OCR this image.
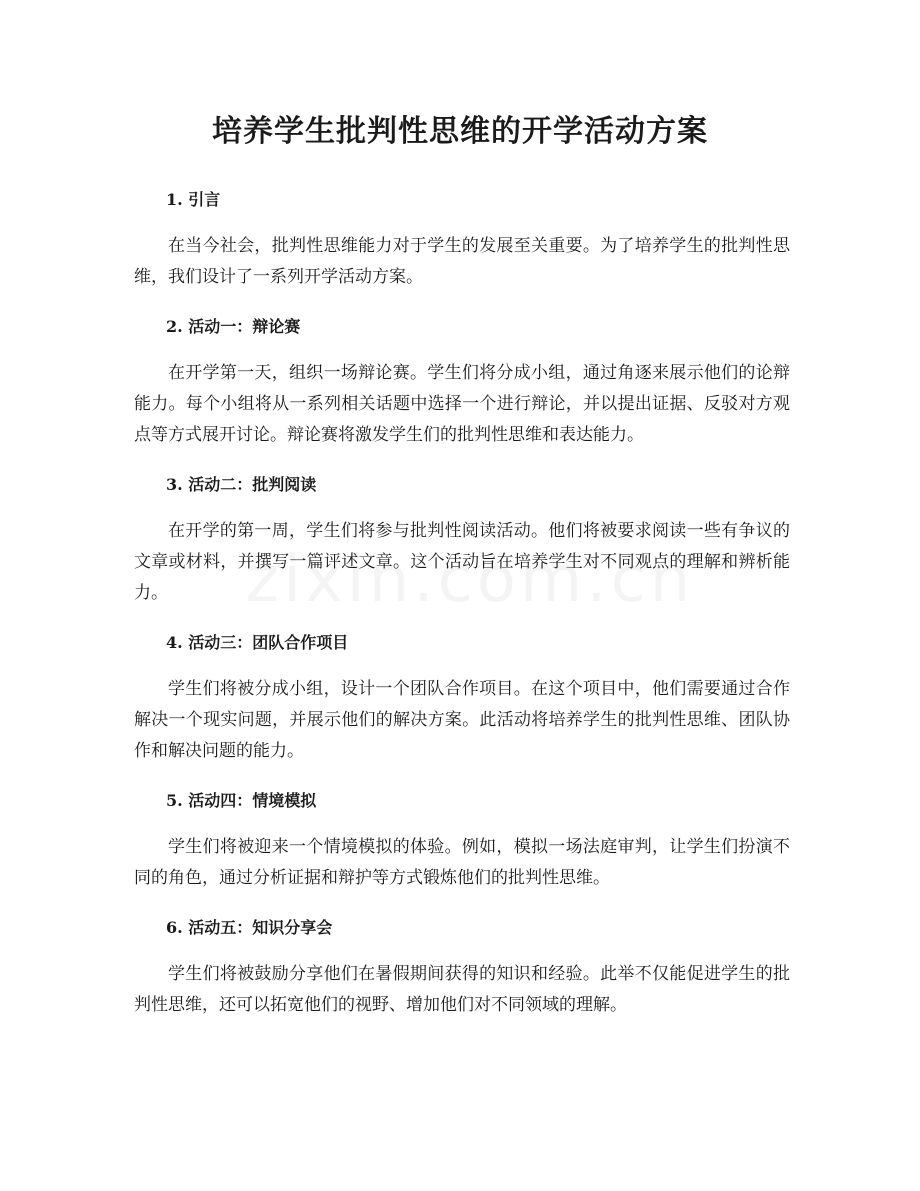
培养学生批判性思维的开学活动方案
1. 引言

在当今社会，批判性思维能力对于学生的发展至关重要。为了培养学生的批判性思维，我们设计了一系列开学活动方案。

2. 活动一：辩论赛

在开学第一天，组织一场辩论赛。学生们将分成小组，通过角逐来展示他们的论辩能力。每个小组将从一系列相关话题中选择一个进行辩论，并以提出证据、反驳对方观点等方式展开讨论。辩论赛将激发学生们的批判性思维和表达能力。

3. 活动二：批判阅读

在开学的第一周，学生们将参与批判性阅读活动。他们将被要求阅读一些有争议的文章或材料，并撰写一篇评述文章。这个活动旨在培养学生对不同观点的理解和辨析能力。

4. 活动三：团队合作项目

学生们将被分成小组，设计一个团队合作项目。在这个项目中，他们需要通过合作解决一个现实问题，并展示他们的解决方案。此活动将培养学生的批判性思维、团队协作和解决问题的能力。

5. 活动四：情境模拟

学生们将被迎来一个情境模拟的体验。例如，模拟一场法庭审判，让学生们扮演不同的角色，通过分析证据和辩护等方式锻炼他们的批判性思维。

6. 活动五：知识分享会

学生们将被鼓励分享他们在暑假期间获得的知识和经验。此举不仅能促进学生的批判性思维，还可以拓宽他们的视野、增加他们对不同领域的理解。
